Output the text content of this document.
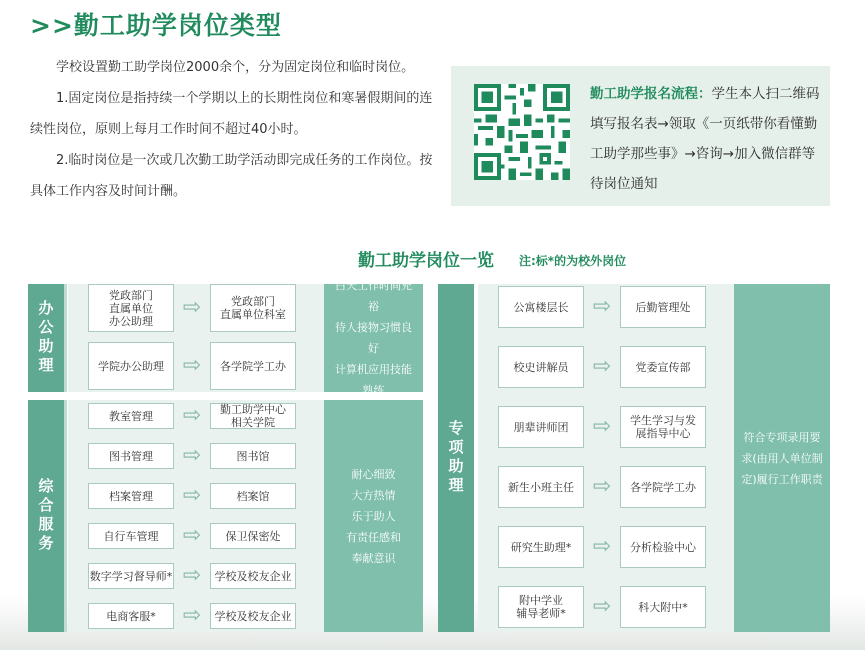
>>勤工助学岗位类型

学校设置勤工助学岗位2000余个，分为固定岗位和临时岗位。

1.固定岗位是指持续一个学期以上的长期性岗位和寒暑假期间的连续性岗位，原则上每月工作时间不超过40小时。

2.临时岗位是一次或几次勤工助学活动即完成任务的工作岗位。按具体工作内容及时间计酬。

勤工助学报名流程：学生本人扫二维码填写报名表→领取《一页纸带你看懂勤工助学那些事》→咨询→加入微信群等待岗位通知
勤工助学岗位一览 注:标*的为校外岗位
办公助理
党政部门
直属单位
办公助理
⇨	党政部门
直属单位科室
学院办公助理 ⇨ 各学院学工办
白天工作时间充裕
待人接物习惯良好
计算机应用技能熟练
综合服务
教室管理 ⇨ 勤工助学中心
相关学院
图书管理 ⇨	图书馆
档案管理 ⇨	档案馆
自行车管理 ⇨ 保卫保密处
数字学习督导师* ⇨ 学校及校友企业
电商客服* ⇨ 学校及校友企业
耐心细致
大方热情
乐于助人
有责任感和
奉献意识
专项助理
公寓楼层长 ⇨ 后勤管理处
校史讲解员 ⇨ 党委宣传部
朋辈讲师团 ⇨ 学生学习与发
展指导中心
新生小班主任 ⇨ 各学院学工办
研究生助理* ⇨ 分析检验中心
附中学业
辅导老师* ⇨ 科大附中*
符合专项录用要
求(由用人单位制
定)履行工作职责
